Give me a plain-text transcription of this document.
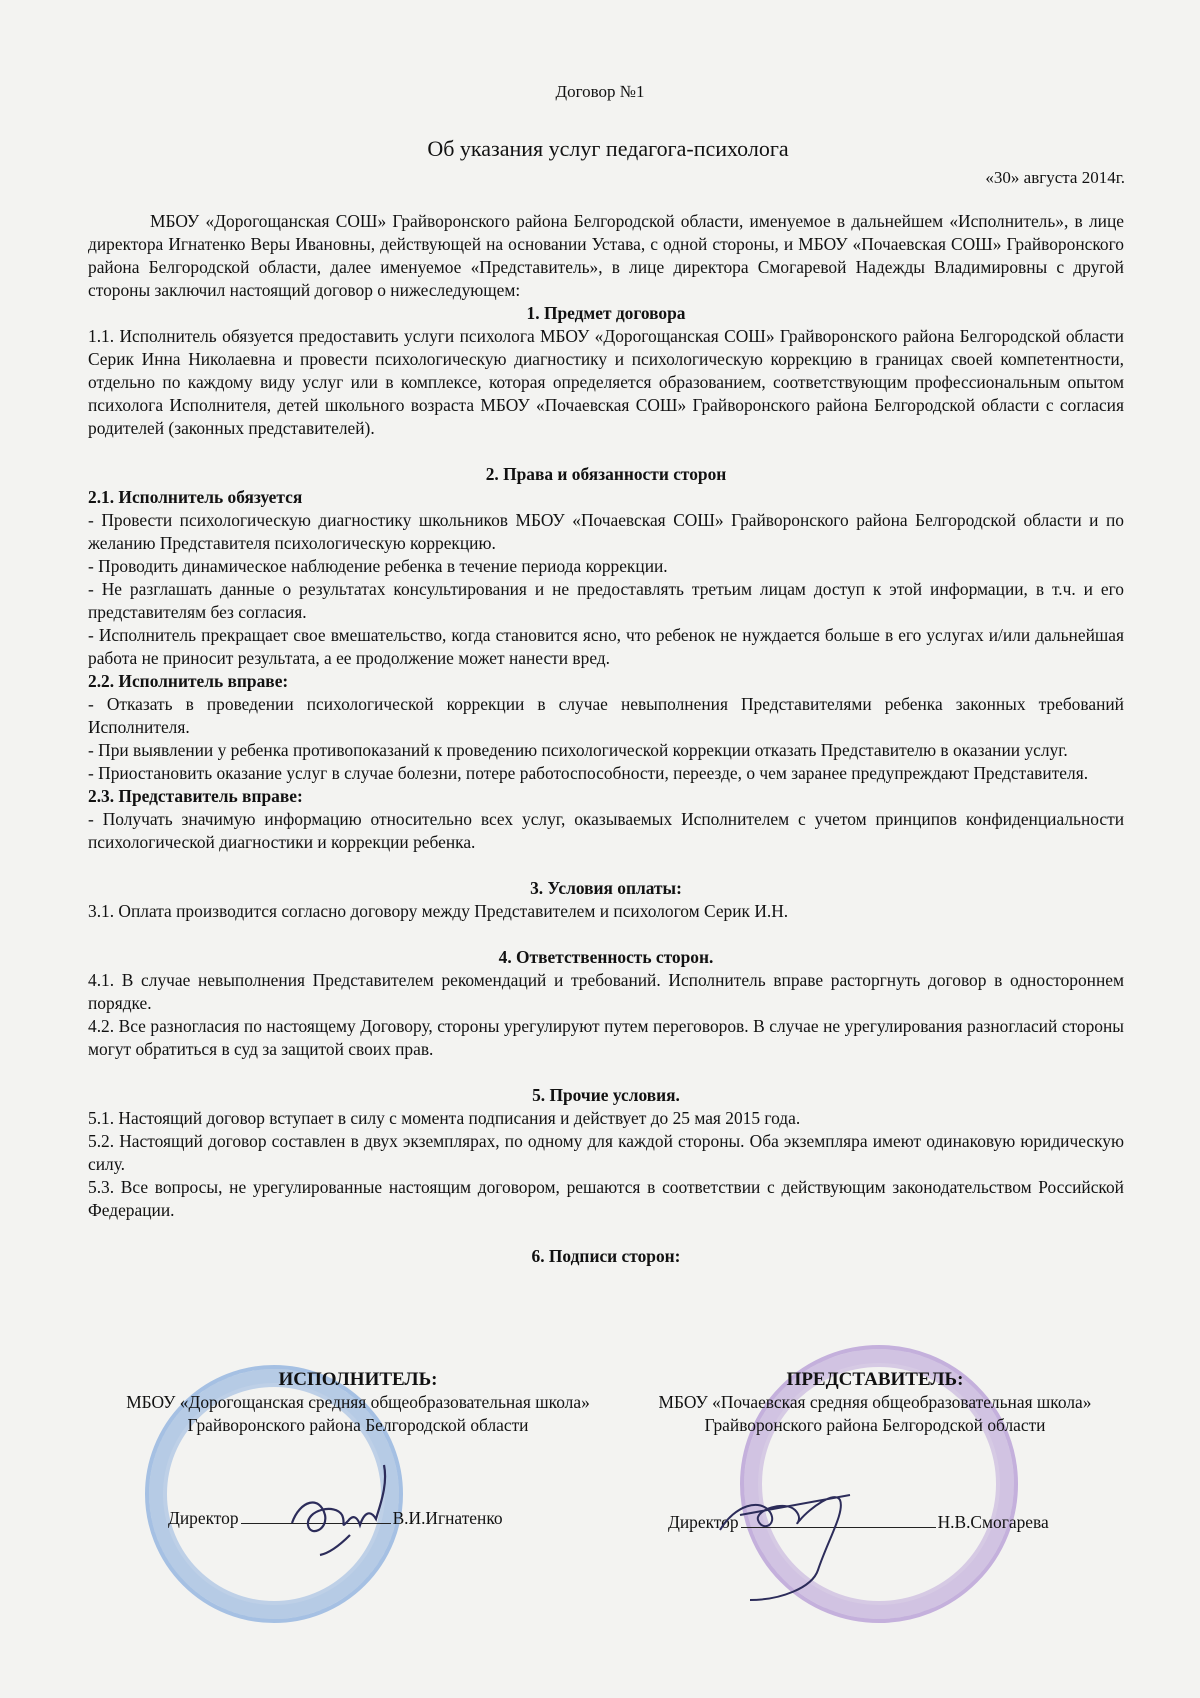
Договор №1
Об указания услуг педагога-психолога
«30» августа 2014г.

МБОУ «Дорогощанская СОШ» Грайворонского района Белгородской области, именуемое в дальнейшем «Исполнитель», в лице директора Игнатенко Веры Ивановны, действующей на основании Устава, с одной стороны, и МБОУ «Почаевская СОШ» Грайворонского района Белгородской области, далее именуемое «Представитель», в лице директора Смогаревой Надежды Владимировны с другой стороны заключил настоящий договор о нижеследующем:

1. Предмет договора

1.1. Исполнитель обязуется предоставить услуги психолога МБОУ «Дорогощанская СОШ» Грайворонского района Белгородской области Серик Инна Николаевна и провести психологическую диагностику и психологическую коррекцию в границах своей компетентности, отдельно по каждому виду услуг или в комплексе, которая определяется образованием, соответствующим профессиональным опытом психолога Исполнителя, детей школьного возраста МБОУ «Почаевская СОШ» Грайворонского района Белгородской области с согласия родителей (законных представителей).

2. Права и обязанности сторон

2.1. Исполнитель обязуется

- Провести психологическую диагностику школьников МБОУ «Почаевская СОШ» Грайворонского района Белгородской области и по желанию Представителя психологическую коррекцию.

- Проводить динамическое наблюдение ребенка в течение периода коррекции.

- Не разглашать данные о результатах консультирования и не предоставлять третьим лицам доступ к этой информации, в т.ч. и его представителям без согласия.

- Исполнитель прекращает свое вмешательство, когда становится ясно, что ребенок не нуждается больше в его услугах и/или дальнейшая работа не приносит результата, а ее продолжение может нанести вред.

2.2. Исполнитель вправе:

- Отказать в проведении психологической коррекции в случае невыполнения Представителями ребенка законных требований Исполнителя.

- При выявлении у ребенка противопоказаний к проведению психологической коррекции отказать Представителю в оказании услуг.

- Приостановить оказание услуг в случае болезни, потере работоспособности, переезде, о чем заранее предупреждают Представителя.

2.3. Представитель вправе:

- Получать значимую информацию относительно всех услуг, оказываемых Исполнителем с учетом принципов конфиденциальности психологической диагностики и коррекции ребенка.

3. Условия оплаты:

3.1. Оплата производится согласно договору между Представителем и психологом Серик И.Н.

4. Ответственность сторон.

4.1. В случае невыполнения Представителем рекомендаций и требований. Исполнитель вправе расторгнуть договор в одностороннем порядке.

4.2. Все разногласия по настоящему Договору, стороны урегулируют путем переговоров. В случае не урегулирования разногласий стороны могут обратиться в суд за защитой своих прав.

5. Прочие условия.

5.1. Настоящий договор вступает в силу с момента подписания и действует до 25 мая 2015 года.

5.2. Настоящий договор составлен в двух экземплярах, по одному для каждой стороны. Оба экземпляра имеют одинаковую юридическую силу.

5.3. Все вопросы, не урегулированные настоящим договором, решаются в соответствии с действующим законодательством Российской Федерации.

6. Подписи сторон:

ИСПОЛНИТЕЛЬ:
МБОУ «Дорогощанская средняя общеобразовательная школа» Грайворонского района Белгородской области
Директор	В.И.Игнатенко
ПРЕДСТАВИТЕЛЬ:
МБОУ «Почаевская средняя общеобразовательная школа» Грайворонского района Белгородской области
Директор	Н.В.Смогарева
